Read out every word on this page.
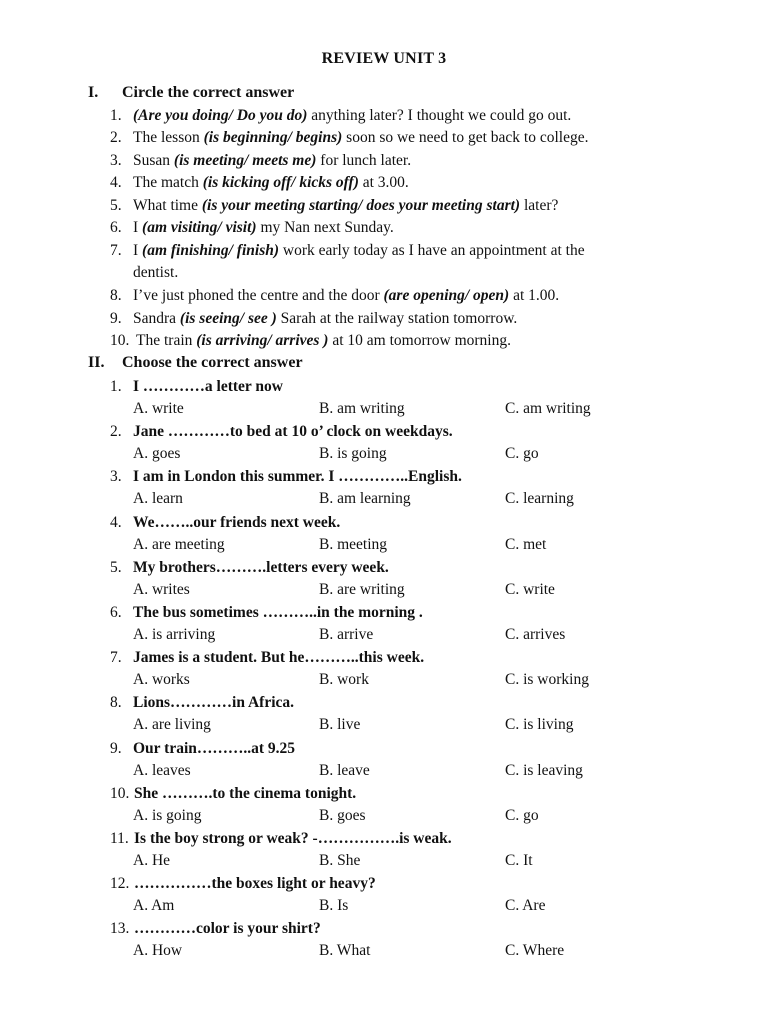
REVIEW UNIT 3
I. Circle the correct answer
1. (Are you doing/ Do you do) anything later? I thought we could go out.
2. The lesson (is beginning/ begins) soon so we need to get back to college.
3. Susan (is meeting/ meets me) for lunch later.
4. The match (is kicking off/ kicks off) at 3.00.
5. What time (is your meeting starting/ does your meeting start) later?
6. I (am visiting/ visit) my Nan next Sunday.
7. I (am finishing/ finish) work early today as I have an appointment at the
dentist.
8. I’ve just phoned the centre and the door (are opening/ open) at 1.00.
9. Sandra (is seeing/ see ) Sarah at the railway station tomorrow.
10. The train (is arriving/ arrives ) at 10 am tomorrow morning.
II. Choose the correct answer
1. I …………a letter now
A. write	B. am writing	C. am writing
2. Jane …………to bed at 10 o’ clock on weekdays.
A. goes	B. is going	C. go
3. I am in London this summer. I …………..English.
A. learn	B. am learning	C. learning
4. We……..our friends next week.
A. are meeting	B. meeting	C. met
5. My brothers……….letters every week.
A. writes	B. are writing	C. write
6. The bus sometimes ………..in the morning .
A. is arriving	B. arrive	C. arrives
7. James is a student. But he………..this week.
A. works	B. work	C. is working
8. Lions…………in Africa.
A. are living	B. live	C. is living
9. Our train………..at 9.25
A. leaves	B. leave	C. is leaving
10. She ……….to the cinema tonight.
A. is going	B. goes	C. go
11. Is the boy strong or weak? -…………….is weak.
A. He	B. She	C. It
12. ……………the boxes light or heavy?
A. Am	B. Is	C. Are
13. …………color is your shirt?
A. How	B. What	C. Where
